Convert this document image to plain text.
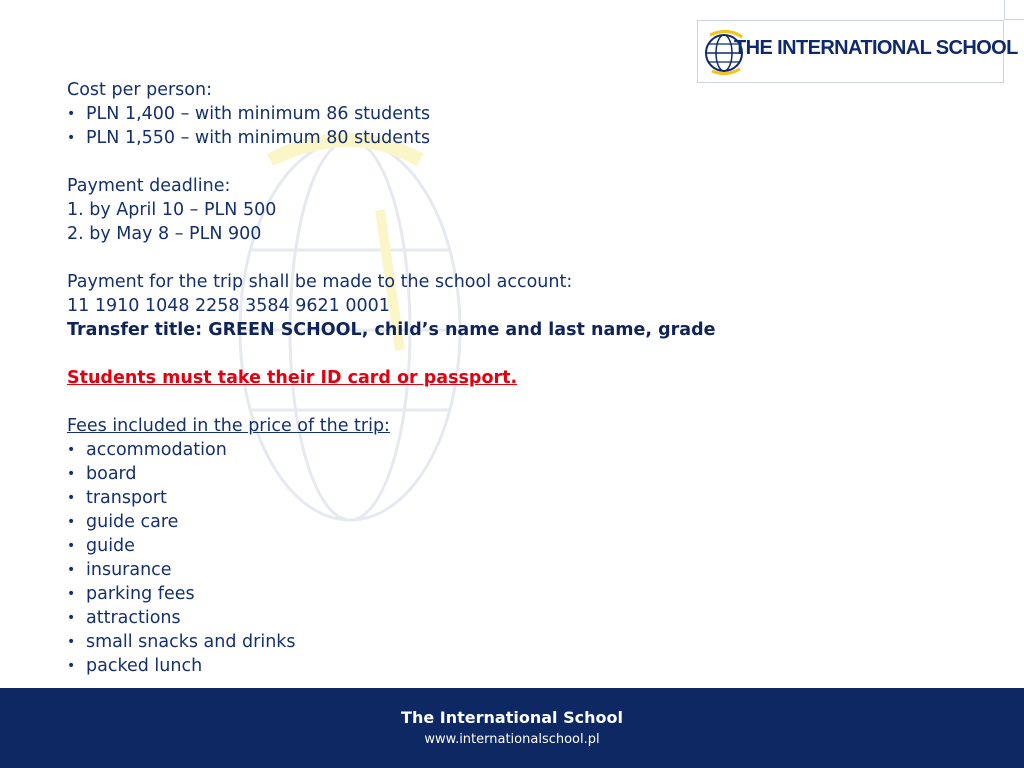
THE INTERNATIONAL SCHOOL
Cost per person:
• PLN 1,400 – with minimum 86 students
• PLN 1,550 – with minimum 80 students
Payment deadline:
1. by April 10 – PLN 500
2. by May 8 – PLN 900
Payment for the trip shall be made to the school account:
11 1910 1048 2258 3584 9621 0001
Transfer title: GREEN SCHOOL, child’s name and last name, grade
Students must take their ID card or passport.
Fees included in the price of the trip:
• accommodation
• board
• transport
• guide care
• guide
• insurance
• parking fees
• attractions
• small snacks and drinks
• packed lunch
The International School
www.internationalschool.pl
